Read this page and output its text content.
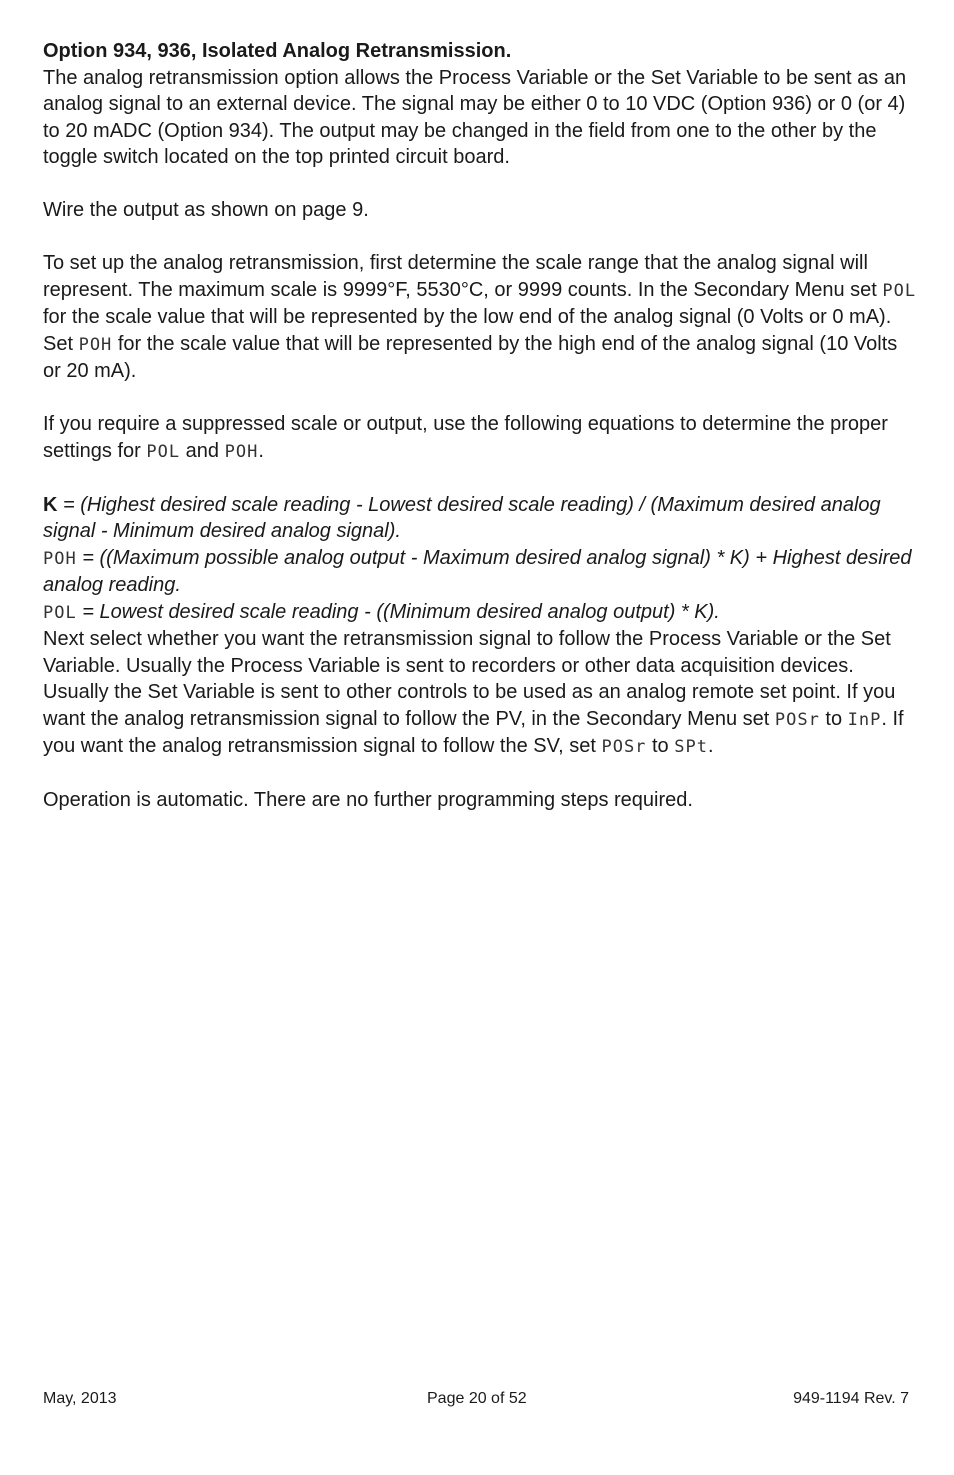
Option 934, 936, Isolated Analog Retransmission.

The analog retransmission option allows the Process Variable or the Set Variable to be sent as an analog signal to an external device. The signal may be either 0 to 10 VDC (Option 936) or 0 (or 4) to 20 mADC (Option 934). The output may be changed in the field from one to the other by the toggle switch located on the top printed circuit board.

Wire the output as shown on page 9.

To set up the analog retransmission, first determine the scale range that the analog signal will represent. The maximum scale is 9999°F, 5530°C, or 9999 counts. In the Secondary Menu set POL for the scale value that will be represented by the low end of the analog signal (0 Volts or 0 mA). Set POH for the scale value that will be represented by the high end of the analog signal (10 Volts or 20 mA).

If you require a suppressed scale or output, use the following equations to determine the proper settings for POL and POH.

K = (Highest desired scale reading - Lowest desired scale reading) / (Maximum desired analog signal - Minimum desired analog signal).

POH = ((Maximum possible analog output - Maximum desired analog signal) * K) + Highest desired analog reading.

POL = Lowest desired scale reading - ((Minimum desired analog output) * K).

Next select whether you want the retransmission signal to follow the Process Variable or the Set Variable. Usually the Process Variable is sent to recorders or other data acquisition devices. Usually the Set Variable is sent to other controls to be used as an analog remote set point. If you want the analog retransmission signal to follow the PV, in the Secondary Menu set POSr to InP. If you want the analog retransmission signal to follow the SV, set POSr to SPt.

Operation is automatic. There are no further programming steps required.

May, 2013	Page 20 of 52	949-1194 Rev. 7
